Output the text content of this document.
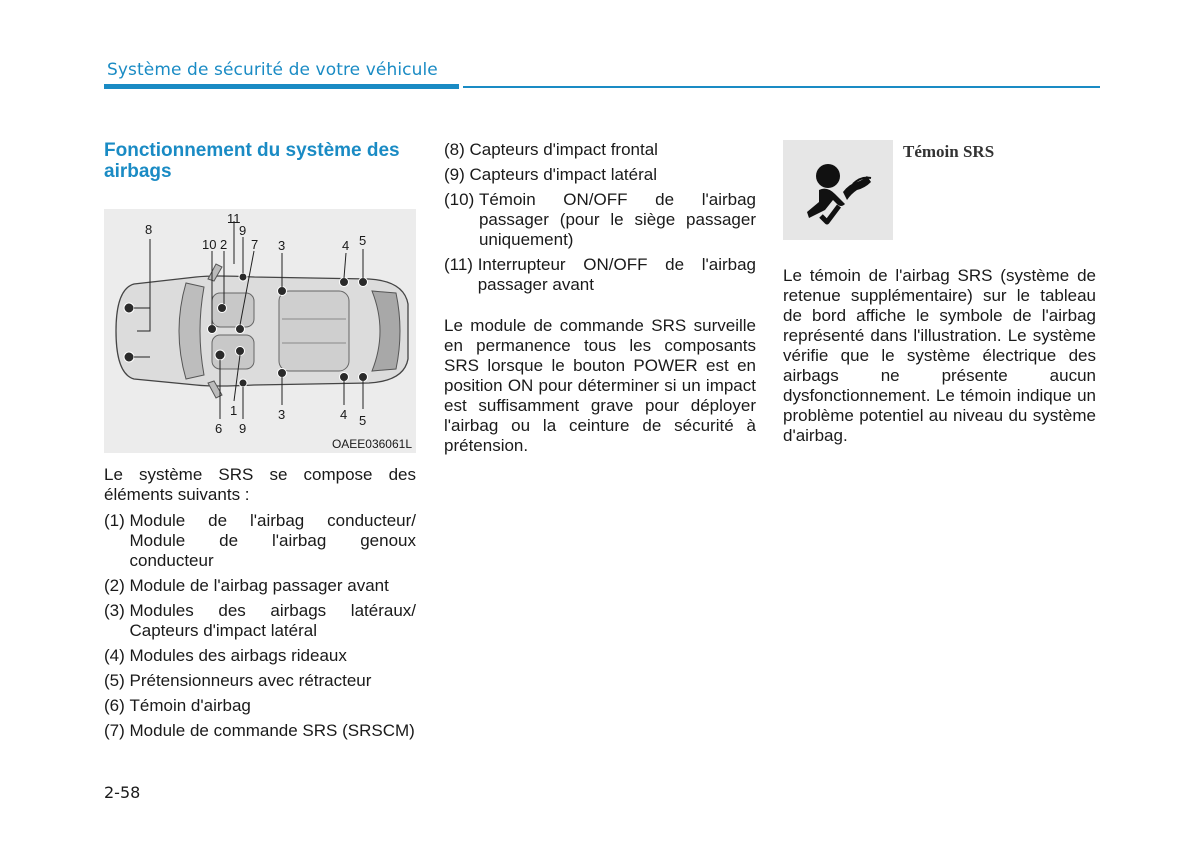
Système de sécurité de votre véhicule
Fonctionnement du système des airbags
8
11
9
10 2 7 3	4 5
6
1
9
3	4 5
OAEE036061L

Le système SRS se compose des éléments suivants :

(1) Module de l'airbag conducteur/ Module de l'airbag genoux conducteur
(2) Module de l'airbag passager avant
(3) Modules des airbags latéraux/ Capteurs d'impact latéral
(4) Modules des airbags rideaux
(5) Prétensionneurs avec rétracteur
(6) Témoin d'airbag
(7) Module de commande SRS (SRSCM)
(8) Capteurs d'impact frontal
(9) Capteurs d'impact latéral
(10) Témoin ON/OFF de l'airbag passager (pour le siège passager uniquement)
(11) Interrupteur ON/OFF de l'airbag passager avant

Le module de commande SRS surveille en permanence tous les composants SRS lorsque le bouton POWER est en position ON pour déterminer si un impact est suffisamment grave pour déployer l'airbag ou la ceinture de sécurité à prétension.

Témoin SRS

Le témoin de l'airbag SRS (système de retenue supplémentaire) sur le tableau de bord affiche le symbole de l'airbag représenté dans l'illustration. Le système vérifie que le système électrique des airbags ne présente aucun dysfonctionnement. Le témoin indique un problème potentiel au niveau du système d'airbag.

2-58
